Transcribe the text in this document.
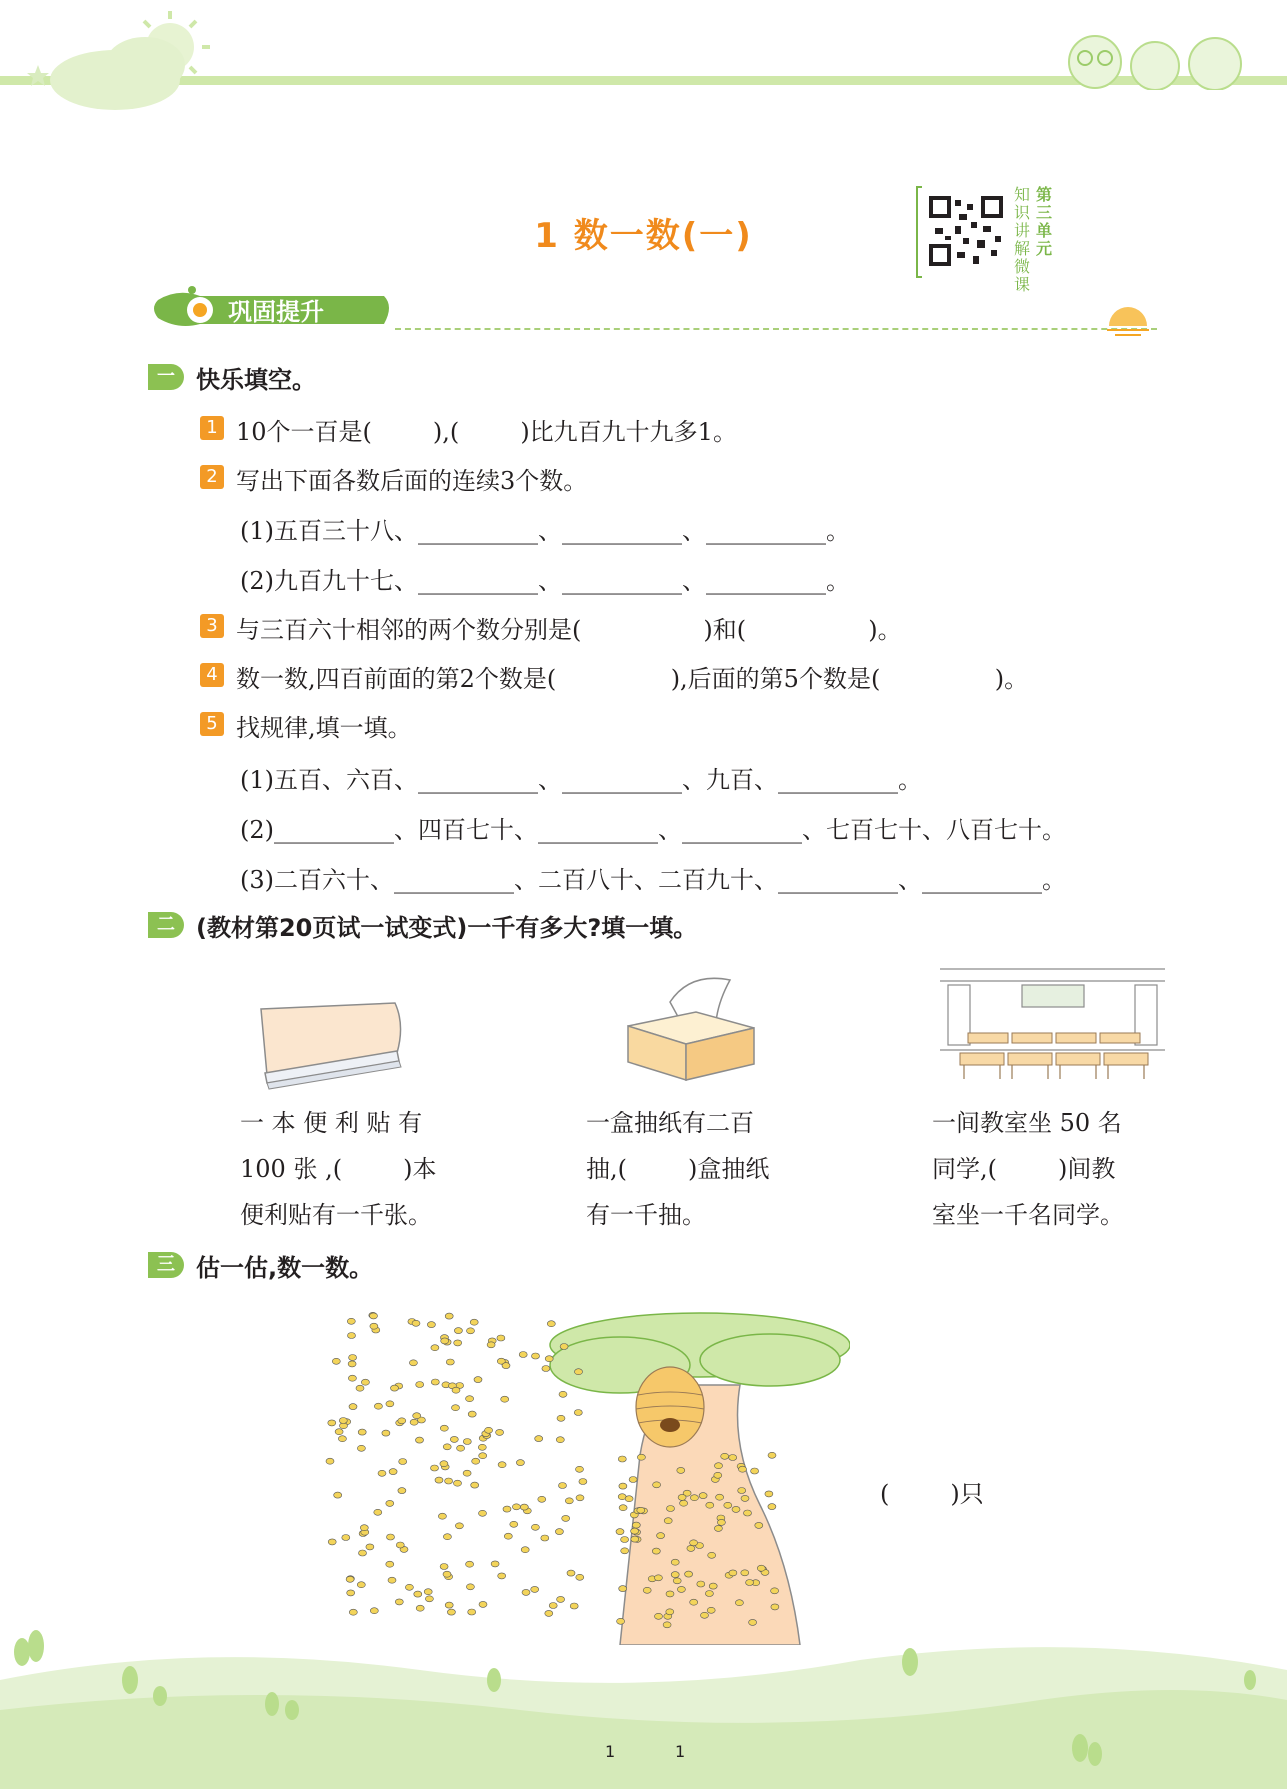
1 数一数(一)
知识讲解微课
第三单元
巩固提升
一 快乐填空。
1 10个一百是(        ),(        )比九百九十九多1。
2 写出下面各数后面的连续3个数。
(1)五百三十八、__________、__________、__________。
(2)九百九十七、__________、__________、__________。
3 与三百六十相邻的两个数分别是(                )和(                )。
4 数一数,四百前面的第2个数是(               ),后面的第5个数是(               )。
5 找规律,填一填。
(1)五百、六百、__________、__________、九百、__________。
(2)__________、四百七十、__________、__________、七百七十、八百七十。
(3)二百六十、__________、二百八十、二百九十、__________、__________。
二 (教材第20页试一试变式)一千有多大?填一填。
一 本 便 利 贴 有
100 张 ,(        )本
便利贴有一千张。
一盒抽纸有二百
抽,(        )盒抽纸
有一千抽。
一间教室坐 50 名
同学,(        )间教
室坐一千名同学。
三 估一估,数一数。
(        )只
1	1
